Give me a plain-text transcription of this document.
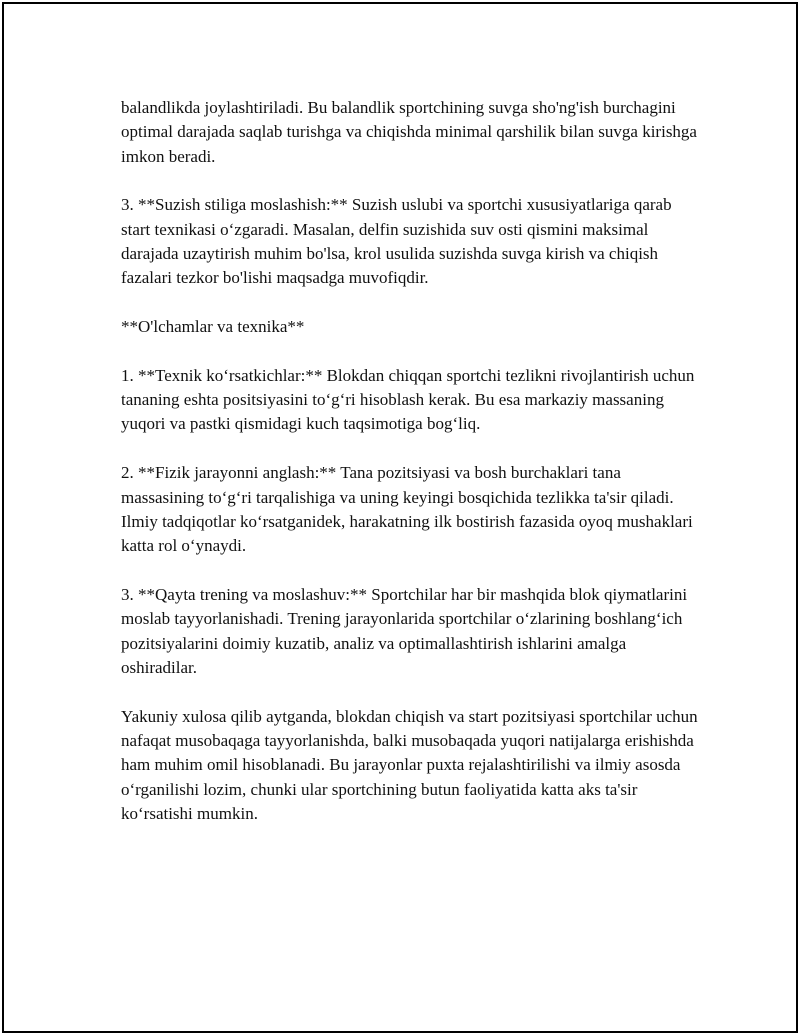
balandlikda joylashtiriladi. Bu balandlik sportchining suvga sho'ng'ish burchagini optimal darajada saqlab turishga va chiqishda minimal qarshilik bilan suvga kirishga imkon beradi.

3. **Suzish stiliga moslashish:** Suzish uslubi va sportchi xususiyatlariga qarab start texnikasi o‘zgaradi. Masalan, delfin suzishida suv osti qismini maksimal darajada uzaytirish muhim bo'lsa, krol usulida suzishda suvga kirish va chiqish fazalari tezkor bo'lishi maqsadga muvofiqdir.

**O'lchamlar va texnika**

1. **Texnik ko‘rsatkichlar:** Blokdan chiqqan sportchi tezlikni rivojlantirish uchun tananing eshta positsiyasini to‘g‘ri hisoblash kerak. Bu esa markaziy massaning yuqori va pastki qismidagi kuch taqsimotiga bog‘liq.

2. **Fizik jarayonni anglash:** Tana pozitsiyasi va bosh burchaklari tana massasining to‘g‘ri tarqalishiga va uning keyingi bosqichida tezlikka ta'sir qiladi. Ilmiy tadqiqotlar ko‘rsatganidek, harakatning ilk bostirish fazasida oyoq mushaklari katta rol o‘ynaydi.

3. **Qayta trening va moslashuv:** Sportchilar har bir mashqida blok qiymatlarini moslab tayyorlanishadi. Trening jarayonlarida sportchilar o‘zlarining boshlang‘ich pozitsiyalarini doimiy kuzatib, analiz va optimallashtirish ishlarini amalga oshiradilar.

Yakuniy xulosa qilib aytganda, blokdan chiqish va start pozitsiyasi sportchilar uchun nafaqat musobaqaga tayyorlanishda, balki musobaqada yuqori natijalarga erishishda ham muhim omil hisoblanadi. Bu jarayonlar puxta rejalashtirilishi va ilmiy asosda o‘rganilishi lozim, chunki ular sportchining butun faoliyatida katta aks ta'sir ko‘rsatishi mumkin.
